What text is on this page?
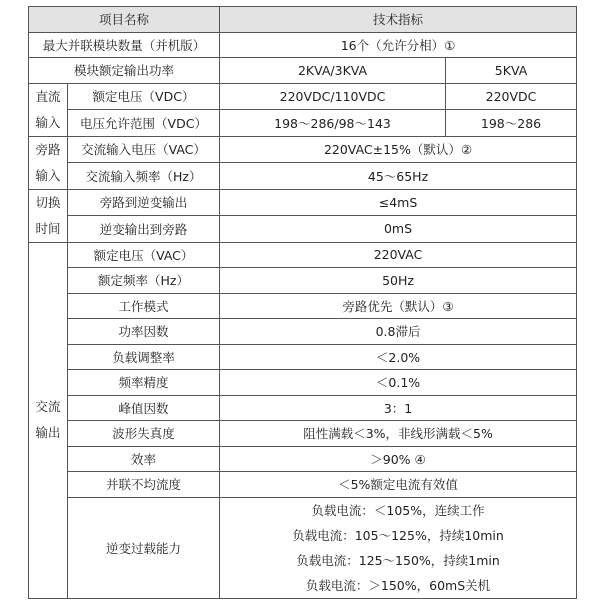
项目名称		技术指标	
最大并联模块数量（并机版）		16个（允许分相）①	
模块额定输出功率		2KVA/3KVA	5KVA
直流
输入	额定电压（VDC）	220VDC/110VDC	220VDC
	电压允许范围（VDC）	198～286/98～143	198～286
旁路
输入	交流输入电压（VAC）	220VAC±15%（默认）②	
	交流输入频率（Hz）	45～65Hz	
切换
时间	旁路到逆变输出	≤4mS	
	逆变输出到旁路	0mS	
交流
输出	额定电压（VAC）	220VAC	
	额定频率（Hz）	50Hz	
	工作模式	旁路优先（默认）③	
	功率因数	0.8滞后	
	负载调整率	＜2.0%	
	频率精度	＜0.1%	
	峰值因数	3：1	
	波形失真度	阻性满载＜3%，非线形满载＜5%	
	效率	＞90% ④	
	并联不均流度	＜5%额定电流有效值	
	逆变过载能力	负载电流：＜105%，连续工作
负载电流：105～125%，持续10min
负载电流：125～150%，持续1min
负载电流：＞150%，60mS关机	
